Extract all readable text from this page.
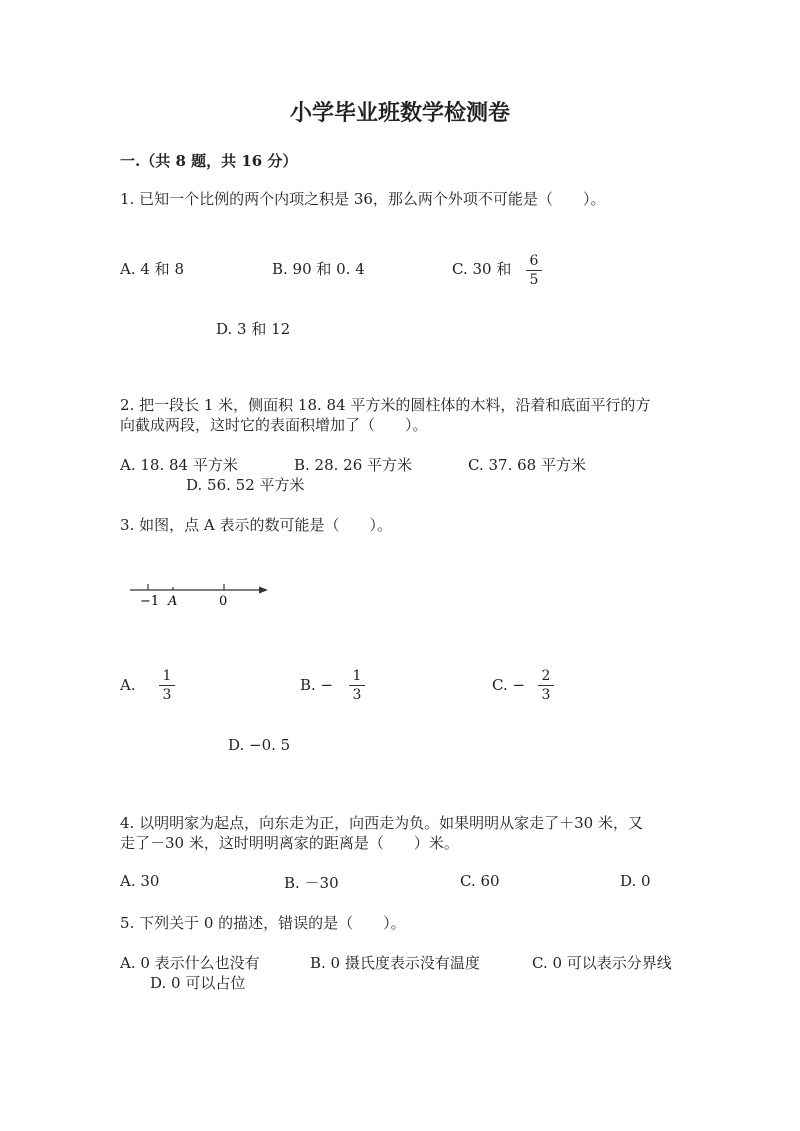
小学毕业班数学检测卷
一.（共 8 题，共 16 分）
1. 已知一个比例的两个内项之积是 36，那么两个外项不可能是（　　）。
A. 4 和 8	B. 90 和 0. 4	C. 30 和 $\frac{6}{5}$
D. 3 和 12
2. 把一段长 1 米，侧面积 18. 84 平方米的圆柱体的木料，沿着和底面平行的方
向截成两段，这时它的表面积增加了（　　）。
A. 18. 84 平方米	B. 28. 26 平方米	C. 37. 68 平方米
D. 56. 52 平方米
3. 如图，点 A 表示的数可能是（　　）。
−1 A	0
A. $\frac{1}{3}$	B. − $\frac{1}{3}$	C. − $\frac{2}{3}$
D. −0. 5
4. 以明明家为起点，向东走为正，向西走为负。如果明明从家走了＋30 米，又
走了－30 米，这时明明离家的距离是（　　）米。
A. 30	B. －30	C. 60	D. 0
5. 下列关于 0 的描述，错误的是（　　）。
A. 0 表示什么也没有	B. 0 摄氏度表示没有温度	C. 0 可以表示分界线
D. 0 可以占位
